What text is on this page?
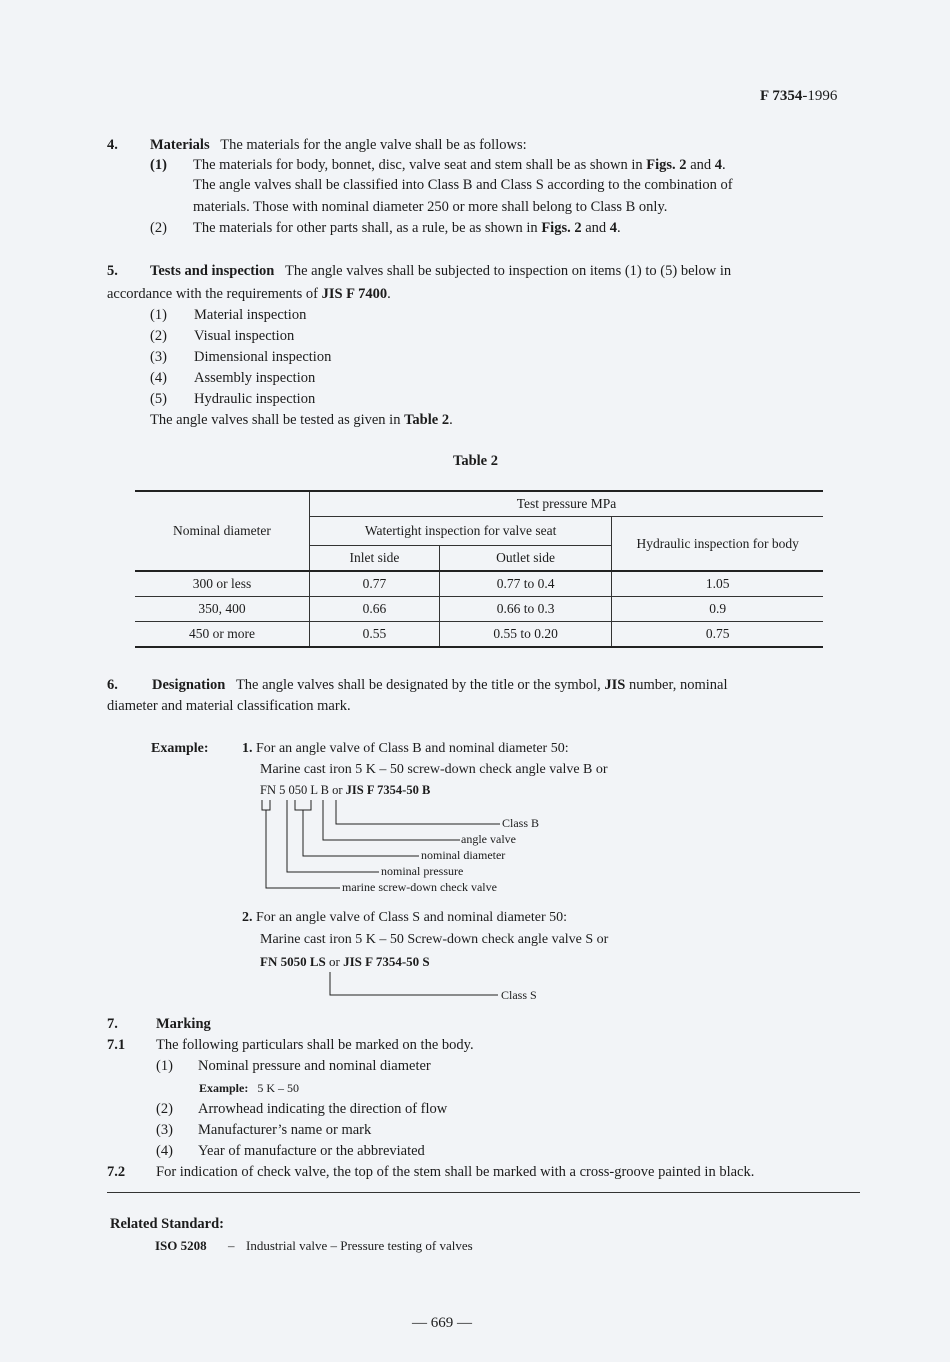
F 7354-1996
4. Materials The materials for the angle valve shall be as follows:
(1) The materials for body, bonnet, disc, valve seat and stem shall be as shown in Figs. 2 and 4.
The angle valves shall be classified into Class B and Class S according to the combination of
materials. Those with nominal diameter 250 or more shall belong to Class B only.
(2) The materials for other parts shall, as a rule, be as shown in Figs. 2 and 4.
5. Tests and inspection The angle valves shall be subjected to inspection on items (1) to (5) below in
accordance with the requirements of JIS F 7400.
(1) Material inspection
(2) Visual inspection
(3) Dimensional inspection
(4) Assembly inspection
(5) Hydraulic inspection
The angle valves shall be tested as given in Table 2.
Table 2
Nominal diameter	Test pressure MPa		
	Watertight inspection for valve seat		Hydraulic inspection for body
	Inlet side	Outlet side	
300 or less	0.77	0.77 to 0.4	1.05
350, 400	0.66	0.66 to 0.3	0.9
450 or more	0.55	0.55 to 0.20	0.75
6. Designation The angle valves shall be designated by the title or the symbol, JIS number, nominal
diameter and material classification mark.
Example: 1. For an angle valve of Class B and nominal diameter 50:
Marine cast iron 5 K – 50 screw-down check angle valve B or
FN 5 050 L B or JIS F 7354-50 B
Class B
angle valve
nominal diameter
nominal pressure
marine screw-down check valve
2. For an angle valve of Class S and nominal diameter 50:
Marine cast iron 5 K – 50 Screw-down check angle valve S or
FN 5050 LS or JIS F 7354-50 S
Class S
7.	Marking
7.1 The following particulars shall be marked on the body.
(1) Nominal pressure and nominal diameter
Example: 5 K – 50
(2) Arrowhead indicating the direction of flow
(3) Manufacturer’s name or mark
(4) Year of manufacture or the abbreviated
7.2 For indication of check valve, the top of the stem shall be marked with a cross-groove painted in black.
Related Standard:
ISO 5208 – Industrial valve – Pressure testing of valves
— 669 —
